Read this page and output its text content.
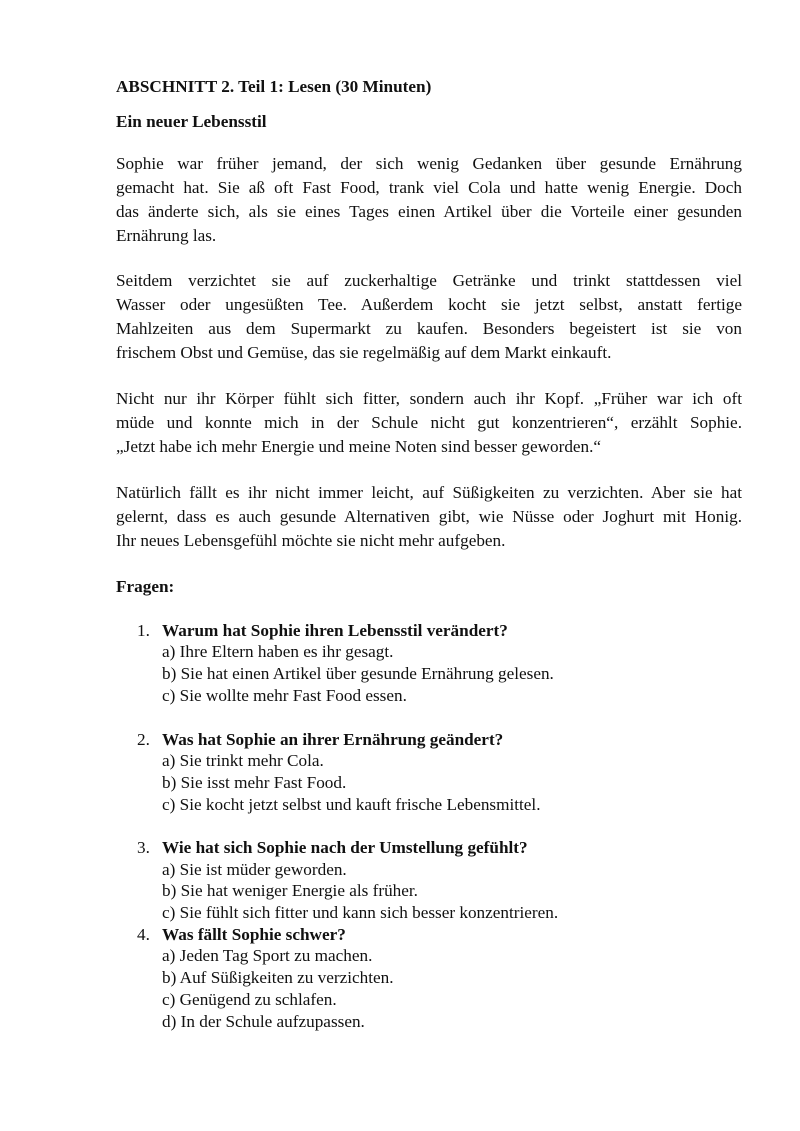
ABSCHNITT 2. Teil 1: Lesen (30 Minuten)
Ein neuer Lebensstil
Sophie war früher jemand, der sich wenig Gedanken über gesunde Ernährung
gemacht hat. Sie aß oft Fast Food, trank viel Cola und hatte wenig Energie. Doch
das änderte sich, als sie eines Tages einen Artikel über die Vorteile einer gesunden
Ernährung las.
Seitdem verzichtet sie auf zuckerhaltige Getränke und trinkt stattdessen viel
Wasser oder ungesüßten Tee. Außerdem kocht sie jetzt selbst, anstatt fertige
Mahlzeiten aus dem Supermarkt zu kaufen. Besonders begeistert ist sie von
frischem Obst und Gemüse, das sie regelmäßig auf dem Markt einkauft.
Nicht nur ihr Körper fühlt sich fitter, sondern auch ihr Kopf. „Früher war ich oft
müde und konnte mich in der Schule nicht gut konzentrieren“, erzählt Sophie.
„Jetzt habe ich mehr Energie und meine Noten sind besser geworden.“
Natürlich fällt es ihr nicht immer leicht, auf Süßigkeiten zu verzichten. Aber sie hat
gelernt, dass es auch gesunde Alternativen gibt, wie Nüsse oder Joghurt mit Honig.
Ihr neues Lebensgefühl möchte sie nicht mehr aufgeben.
Fragen:
1. Warum hat Sophie ihren Lebensstil verändert?
a) Ihre Eltern haben es ihr gesagt.
b) Sie hat einen Artikel über gesunde Ernährung gelesen.
c) Sie wollte mehr Fast Food essen.
2. Was hat Sophie an ihrer Ernährung geändert?
a) Sie trinkt mehr Cola.
b) Sie isst mehr Fast Food.
c) Sie kocht jetzt selbst und kauft frische Lebensmittel.
3. Wie hat sich Sophie nach der Umstellung gefühlt?
a) Sie ist müder geworden.
b) Sie hat weniger Energie als früher.
c) Sie fühlt sich fitter und kann sich besser konzentrieren.
4. Was fällt Sophie schwer?
a) Jeden Tag Sport zu machen.
b) Auf Süßigkeiten zu verzichten.
c) Genügend zu schlafen.
d) In der Schule aufzupassen.
